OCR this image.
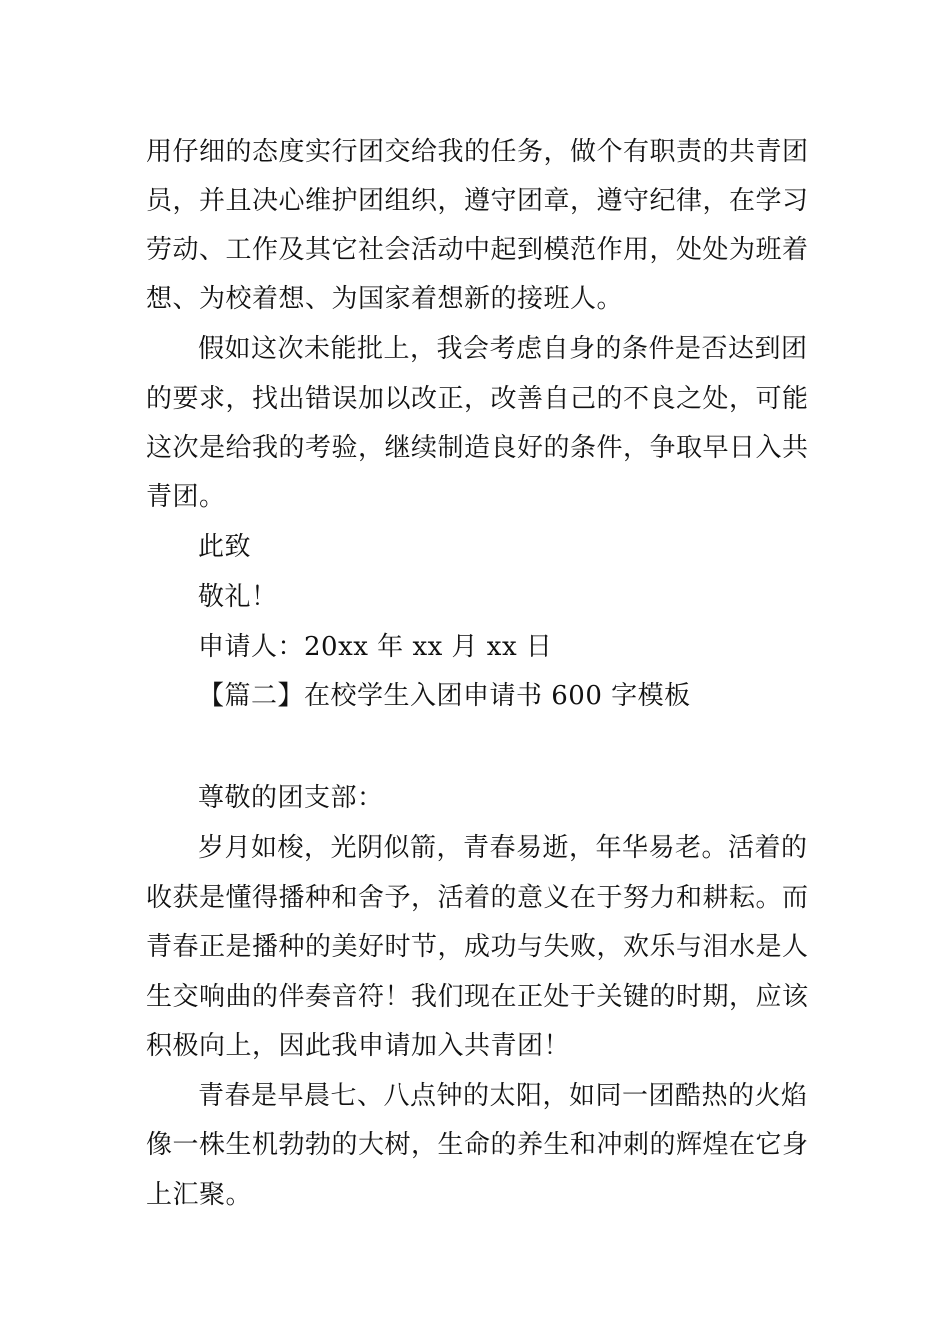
用仔细的态度实行团交给我的任务，做个有职责的共青团
员，并且决心维护团组织，遵守团章，遵守纪律，在学习
劳动、工作及其它社会活动中起到模范作用，处处为班着
想、为校着想、为国家着想新的接班人。
假如这次未能批上，我会考虑自身的条件是否达到团
的要求，找出错误加以改正，改善自己的不良之处，可能
这次是给我的考验，继续制造良好的条件，争取早日入共
青团。
此致
敬礼！
申请人：20xx 年 xx 月 xx 日
【篇二】在校学生入团申请书 600 字模板
尊敬的团支部：
岁月如梭，光阴似箭，青春易逝，年华易老。活着的
收获是懂得播种和舍予，活着的意义在于努力和耕耘。而
青春正是播种的美好时节，成功与失败，欢乐与泪水是人
生交响曲的伴奏音符！我们现在正处于关键的时期，应该
积极向上，因此我申请加入共青团！
青春是早晨七、八点钟的太阳，如同一团酷热的火焰
像一株生机勃勃的大树，生命的养生和冲刺的辉煌在它身
上汇聚。
